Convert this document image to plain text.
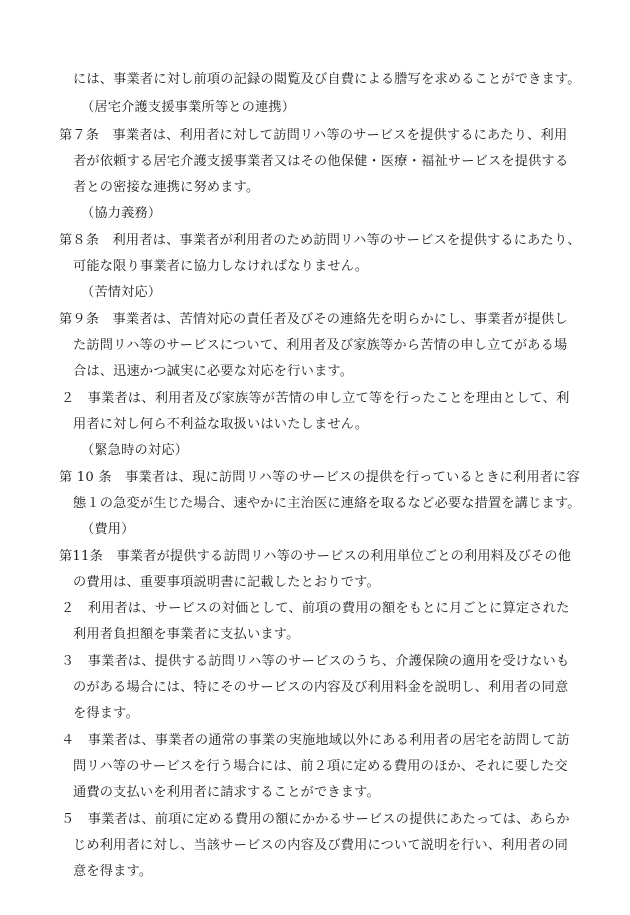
には、事業者に対し前項の記録の閲覧及び自費による謄写を求めることができます。
（居宅介護支援事業所等との連携）
第７条　事業者は、利用者に対して訪問リハ等のサービスを提供するにあたり、利用
者が依頼する居宅介護支援事業者又はその他保健・医療・福祉サービスを提供する
者との密接な連携に努めます。
（協力義務）
第８条　利用者は、事業者が利用者のため訪問リハ等のサービスを提供するにあたり、
可能な限り事業者に協力しなければなりません。
（苦情対応）
第９条　事業者は、苦情対応の責任者及びその連絡先を明らかにし、事業者が提供し
た訪問リハ等のサービスについて、利用者及び家族等から苦情の申し立てがある場
合は、迅速かつ誠実に必要な対応を行います。
２　事業者は、利用者及び家族等が苦情の申し立て等を行ったことを理由として、利
用者に対し何ら不利益な取扱いはいたしません。
（緊急時の対応）
第 10 条　事業者は、現に訪問リハ等のサービスの提供を行っているときに利用者に容
態１の急変が生じた場合、速やかに主治医に連絡を取るなど必要な措置を講じます。
（費用）
第11条　事業者が提供する訪問リハ等のサービスの利用単位ごとの利用料及びその他
の費用は、重要事項説明書に記載したとおりです。
２　利用者は、サービスの対価として、前項の費用の額をもとに月ごとに算定された
利用者負担額を事業者に支払います。
３　事業者は、提供する訪問リハ等のサービスのうち、介護保険の適用を受けないも
のがある場合には、特にそのサービスの内容及び利用料金を説明し、利用者の同意
を得ます。
４　事業者は、事業者の通常の事業の実施地域以外にある利用者の居宅を訪問して訪
問リハ等のサービスを行う場合には、前２項に定める費用のほか、それに要した交
通費の支払いを利用者に請求することができます。
５　事業者は、前項に定める費用の額にかかるサービスの提供にあたっては、あらか
じめ利用者に対し、当該サービスの内容及び費用について説明を行い、利用者の同
意を得ます。
